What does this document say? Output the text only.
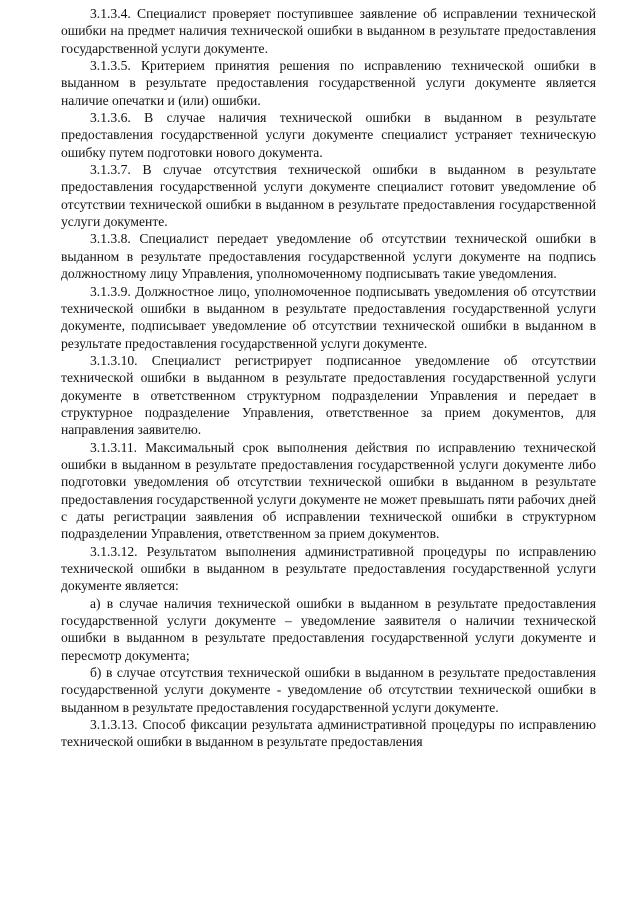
3.1.3.4. Специалист проверяет поступившее заявление об исправлении технической ошибки на предмет наличия технической ошибки в выданном в результате предоставления государственной услуги документе.

3.1.3.5. Критерием принятия решения по исправлению технической ошибки в выданном в результате предоставления государственной услуги документе является наличие опечатки и (или) ошибки.

3.1.3.6. В случае наличия технической ошибки в выданном в результате предоставления государственной услуги документе специалист устраняет техническую ошибку путем подготовки нового документа.

3.1.3.7. В случае отсутствия технической ошибки в выданном в результате предоставления государственной услуги документе специалист готовит уведомление об отсутствии технической ошибки в выданном в результате предоставления государственной услуги документе.

3.1.3.8. Специалист передает уведомление об отсутствии технической ошибки в выданном в результате предоставления государственной услуги документе на подпись должностному лицу Управления, уполномоченному подписывать такие уведомления.

3.1.3.9. Должностное лицо, уполномоченное подписывать уведомления об отсутствии технической ошибки в выданном в результате предоставления государственной услуги документе, подписывает уведомление об отсутствии технической ошибки в выданном в результате предоставления государственной услуги документе.

3.1.3.10. Специалист регистрирует подписанное уведомление об отсутствии технической ошибки в выданном в результате предоставления государственной услуги документе в ответственном структурном подразделении Управления и передает в структурное подразделение Управления, ответственное за прием документов, для направления заявителю.

3.1.3.11. Максимальный срок выполнения действия по исправлению технической ошибки в выданном в результате предоставления государственной услуги документе либо подготовки уведомления об отсутствии технической ошибки в выданном в результате предоставления государственной услуги документе не может превышать пяти рабочих дней с даты регистрации заявления об исправлении технической ошибки в структурном подразделении Управления, ответственном за прием документов.

3.1.3.12. Результатом выполнения административной процедуры по исправлению технической ошибки в выданном в результате предоставления государственной услуги документе является:

а) в случае наличия технической ошибки в выданном в результате предоставления государственной услуги документе – уведомление заявителя о наличии технической ошибки в выданном в результате предоставления государственной услуги документе и пересмотр документа;

б) в случае отсутствия технической ошибки в выданном в результате предоставления государственной услуги документе - уведомление об отсутствии технической ошибки в выданном в результате предоставления государственной услуги документе.

3.1.3.13. Способ фиксации результата административной процедуры по исправлению технической ошибки в выданном в результате предоставления
